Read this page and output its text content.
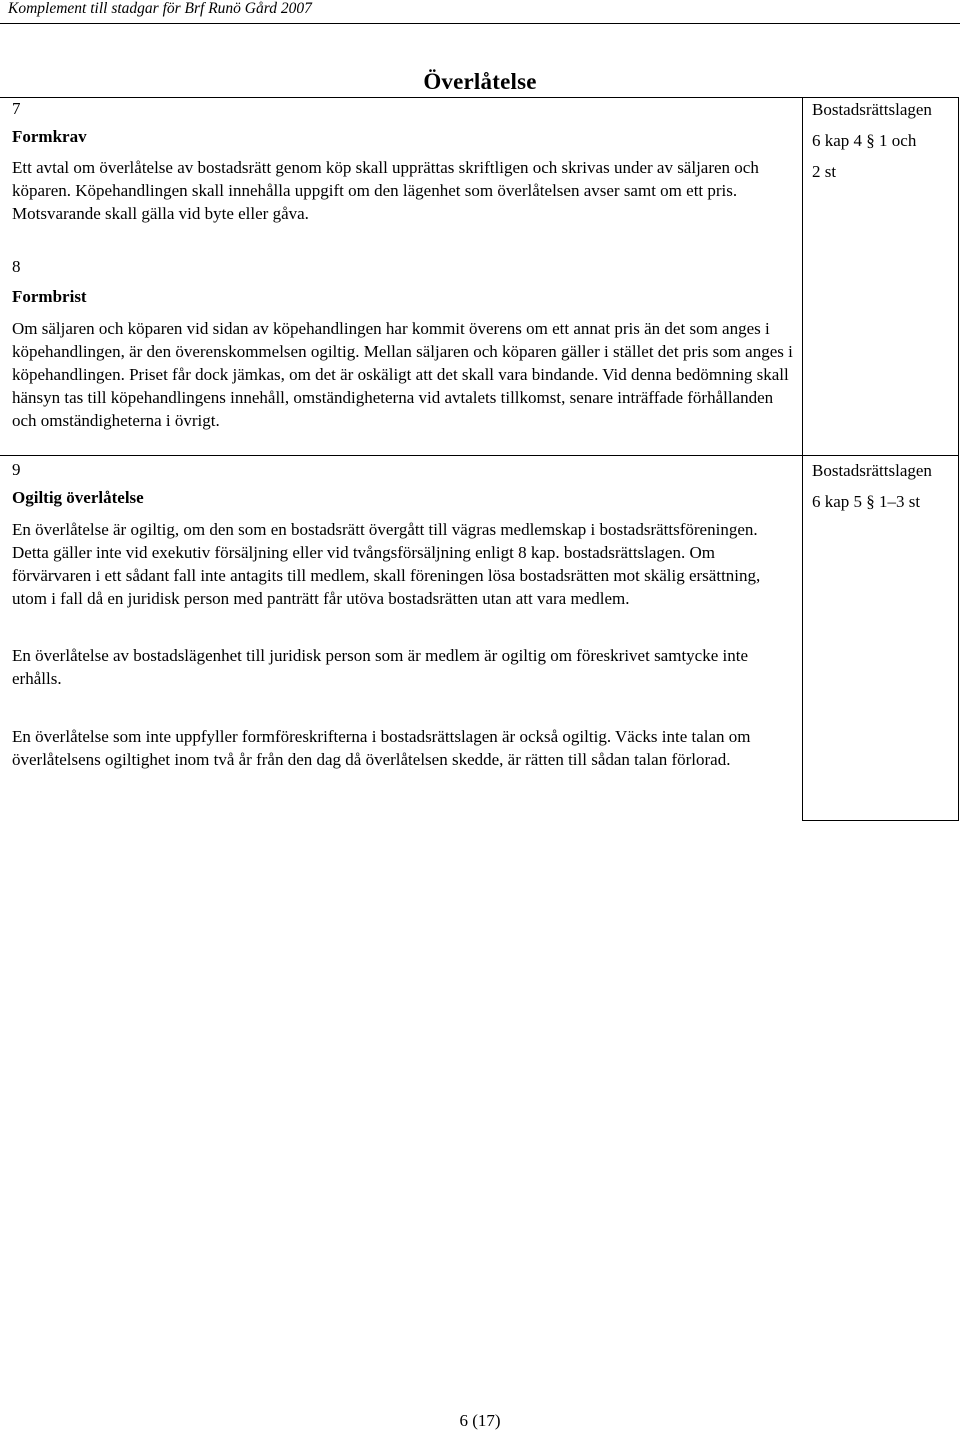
Komplement till stadgar för Brf Runö Gård 2007
Överlåtelse
7
Formkrav

Ett avtal om överlåtelse av bostadsrätt genom köp skall upprättas skriftligen och skrivas under av säljaren och köparen. Köpehandlingen skall innehålla uppgift om den lägenhet som överlåtelsen avser samt om ett pris. Motsvarande skall gälla vid byte eller gåva.

Bostadsrättslagen
6 kap 4 § 1 och
2 st
8
Formbrist

Om säljaren och köparen vid sidan av köpehandlingen har kommit överens om ett annat pris än det som anges i köpehandlingen, är den överenskommelsen ogiltig. Mellan säljaren och köparen gäller i stället det pris som anges i köpehandlingen. Priset får dock jämkas, om det är oskäligt att det skall vara bindande. Vid denna bedömning skall hänsyn tas till köpehandlingens innehåll, omständigheterna vid avtalets tillkomst, senare inträffade förhållanden och omständigheterna i övrigt.

9
Ogiltig överlåtelse

En överlåtelse är ogiltig, om den som en bostadsrätt övergått till vägras medlemskap i bostadsrättsföreningen. Detta gäller inte vid exekutiv försäljning eller vid tvångsförsäljning enligt 8 kap. bostadsrättslagen. Om förvärvaren i ett sådant fall inte antagits till medlem, skall föreningen lösa bostadsrätten mot skälig ersättning, utom i fall då en juridisk person med panträtt får utöva bostadsrätten utan att vara medlem.

En överlåtelse av bostadslägenhet till juridisk person som är medlem är ogiltig om föreskrivet samtycke inte erhålls.

En överlåtelse som inte uppfyller formföreskrifterna i bostadsrättslagen är också ogiltig. Väcks inte talan om överlåtelsens ogiltighet inom två år från den dag då överlåtelsen skedde, är rätten till sådan talan förlorad.

Bostadsrättslagen
6 kap 5 § 1–3 st
6 (17)
